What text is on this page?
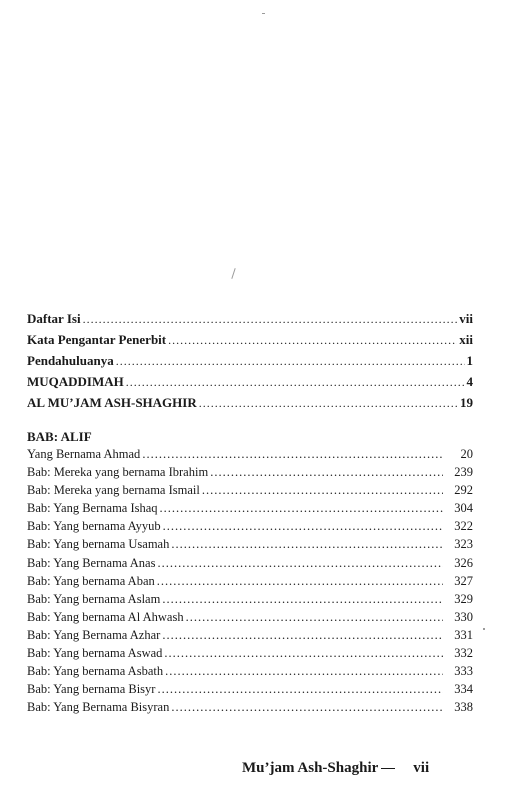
Daftar Isi .....	vii
Kata Pengantar Penerbit .....	xii
Pendahuluanya .....	1
MUQADDIMAH .....	4
AL MU’JAM ASH-SHAGHIR .....	19
BAB: ALIF
Yang Bernama Ahmad .....	20
Bab: Mereka yang bernama Ibrahim .....	239
Bab: Mereka yang bernama Ismail .....	292
Bab: Yang Bernama Ishaq .....	304
Bab: Yang bernama Ayyub .....	322
Bab: Yang bernama Usamah .....	323
Bab: Yang Bernama Anas .....	326
Bab: Yang bernama Aban .....	327
Bab: Yang bernama Aslam .....	329
Bab: Yang bernama Al Ahwash .....	330
Bab: Yang Bernama Azhar .....	331
Bab: Yang bernama Aswad .....	332
Bab: Yang bernama Asbath .....	333
Bab: Yang bernama Bisyr .....	334
Bab: Yang Bernama Bisyran .....	338
Mu’jam Ash-Shaghir vii
